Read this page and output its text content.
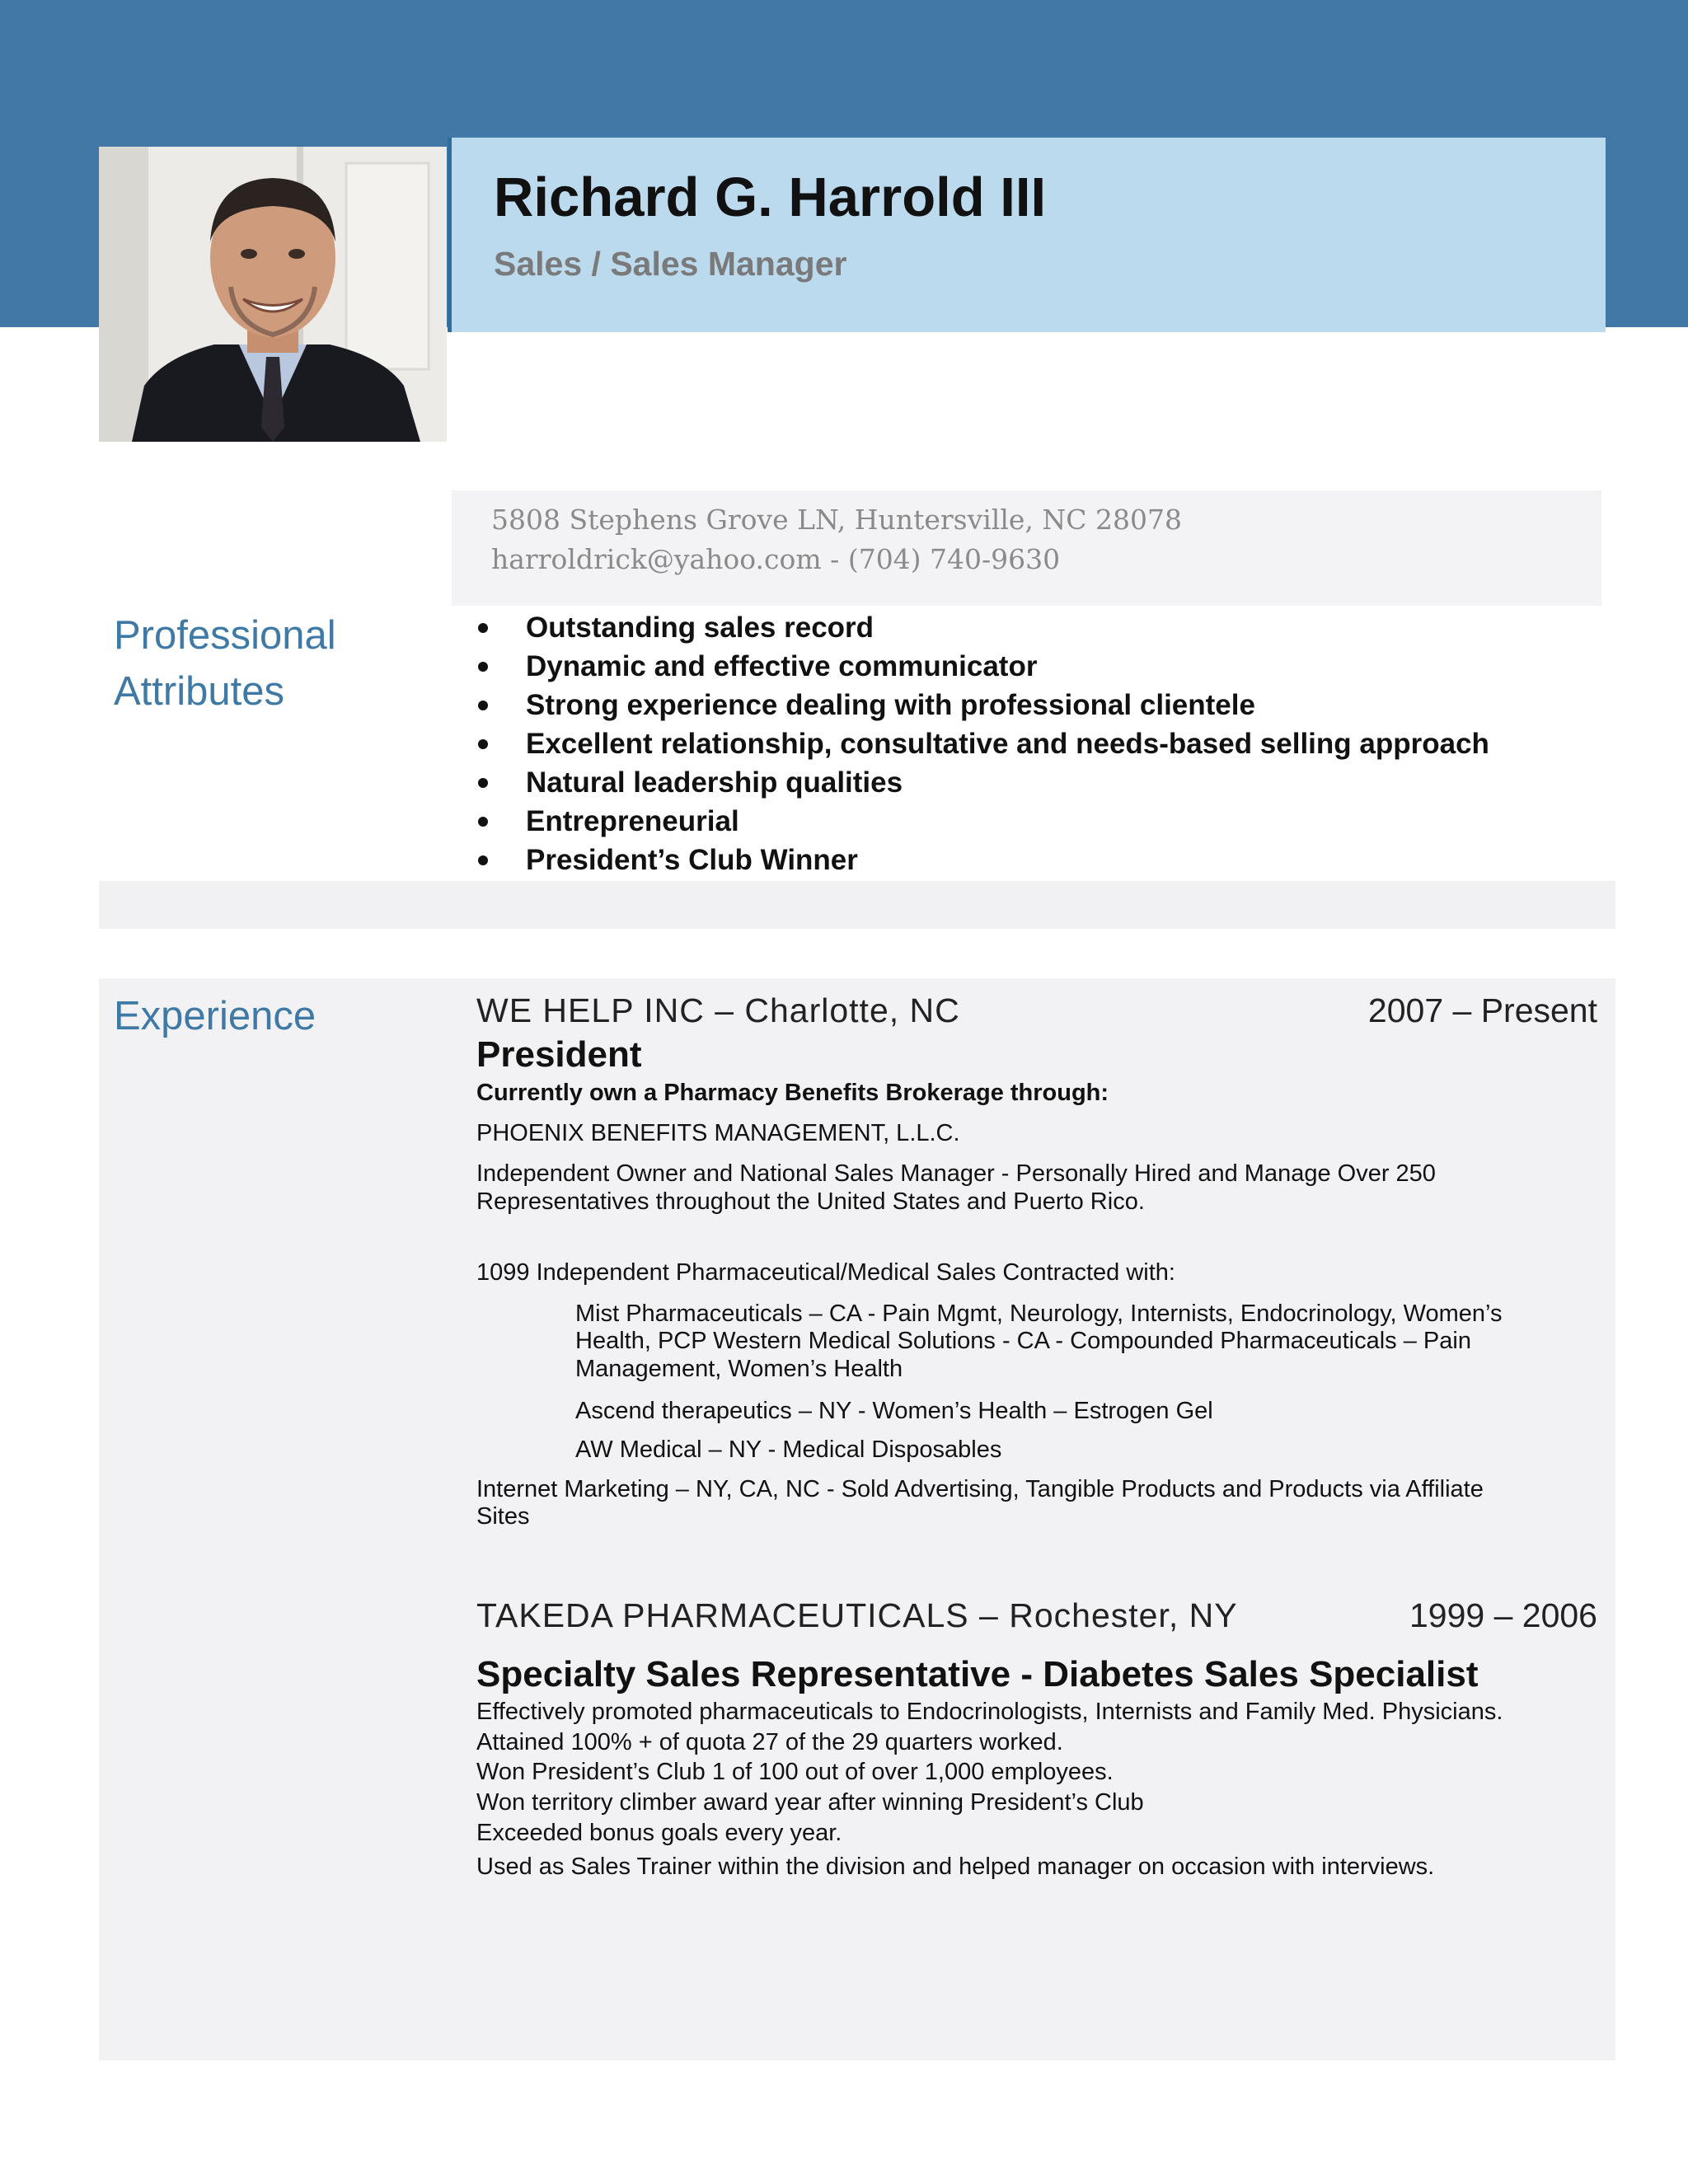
Richard G. Harrold III
Sales / Sales Manager
5808 Stephens Grove LN, Huntersville, NC 28078
harroldrick@yahoo.com - (704) 740-9630
Professional
Attributes
Outstanding sales record
Dynamic and effective communicator
Strong experience dealing with professional clientele
Excellent relationship, consultative and needs-based selling approach
Natural leadership qualities
Entrepreneurial
President’s Club Winner
Experience	WE HELP INC – Charlotte, NC	2007 – Present
President
Currently own a Pharmacy Benefits Brokerage through:
PHOENIX BENEFITS MANAGEMENT, L.L.C.
Independent Owner and National Sales Manager - Personally Hired and Manage Over 250
Representatives throughout the United States and Puerto Rico.
1099 Independent Pharmaceutical/Medical Sales Contracted with:
Mist Pharmaceuticals – CA - Pain Mgmt, Neurology, Internists, Endocrinology, Women’s
Health, PCP Western Medical Solutions - CA - Compounded Pharmaceuticals – Pain
Management, Women’s Health
Ascend therapeutics – NY - Women’s Health – Estrogen Gel
AW Medical – NY - Medical Disposables
Internet Marketing – NY, CA, NC - Sold Advertising, Tangible Products and Products via Affiliate
Sites
TAKEDA PHARMACEUTICALS – Rochester, NY	1999 – 2006
Specialty Sales Representative - Diabetes Sales Specialist
Effectively promoted pharmaceuticals to Endocrinologists, Internists and Family Med. Physicians.
Attained 100% + of quota 27 of the 29 quarters worked.
Won President’s Club 1 of 100 out of over 1,000 employees.
Won territory climber award year after winning President’s Club
Exceeded bonus goals every year.
Used as Sales Trainer within the division and helped manager on occasion with interviews.
